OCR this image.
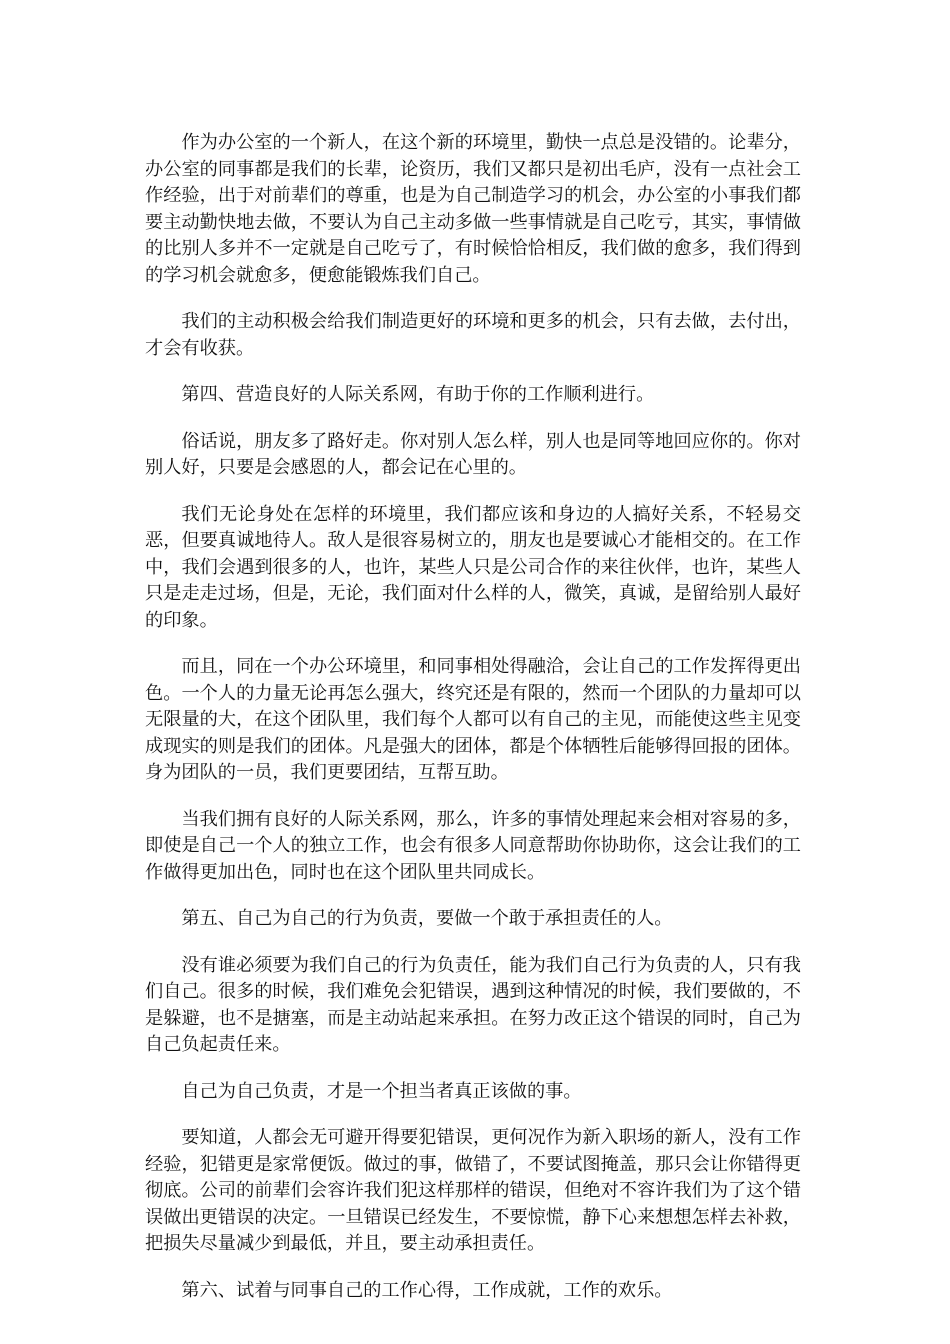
作为办公室的一个新人，在这个新的环境里，勤快一点总是没错的。论辈分，办公室的同事都是我们的长辈，论资历，我们又都只是初出毛庐，没有一点社会工作经验，出于对前辈们的尊重，也是为自己制造学习的机会，办公室的小事我们都要主动勤快地去做，不要认为自己主动多做一些事情就是自己吃亏，其实，事情做的比别人多并不一定就是自己吃亏了，有时候恰恰相反，我们做的愈多，我们得到的学习机会就愈多，便愈能锻炼我们自己。

我们的主动积极会给我们制造更好的环境和更多的机会，只有去做，去付出，才会有收获。

第四、营造良好的人际关系网，有助于你的工作顺利进行。

俗话说，朋友多了路好走。你对别人怎么样，别人也是同等地回应你的。你对别人好，只要是会感恩的人，都会记在心里的。

我们无论身处在怎样的环境里，我们都应该和身边的人搞好关系，不轻易交恶，但要真诚地待人。敌人是很容易树立的，朋友也是要诚心才能相交的。在工作中，我们会遇到很多的人，也许，某些人只是公司合作的来往伙伴，也许，某些人只是走走过场，但是，无论，我们面对什么样的人，微笑，真诚，是留给别人最好的印象。

而且，同在一个办公环境里，和同事相处得融洽，会让自己的工作发挥得更出色。一个人的力量无论再怎么强大，终究还是有限的，然而一个团队的力量却可以无限量的大，在这个团队里，我们每个人都可以有自己的主见，而能使这些主见变成现实的则是我们的团体。凡是强大的团体，都是个体牺牲后能够得回报的团体。身为团队的一员，我们更要团结，互帮互助。

当我们拥有良好的人际关系网，那么，许多的事情处理起来会相对容易的多，即使是自己一个人的独立工作，也会有很多人同意帮助你协助你，这会让我们的工作做得更加出色，同时也在这个团队里共同成长。

第五、自己为自己的行为负责，要做一个敢于承担责任的人。

没有谁必须要为我们自己的行为负责任，能为我们自己行为负责的人，只有我们自己。很多的时候，我们难免会犯错误，遇到这种情况的时候，我们要做的，不是躲避，也不是搪塞，而是主动站起来承担。在努力改正这个错误的同时，自己为自己负起责任来。

自己为自己负责，才是一个担当者真正该做的事。

要知道，人都会无可避开得要犯错误，更何况作为新入职场的新人，没有工作经验，犯错更是家常便饭。做过的事，做错了，不要试图掩盖，那只会让你错得更彻底。公司的前辈们会容许我们犯这样那样的错误，但绝对不容许我们为了这个错误做出更错误的决定。一旦错误已经发生，不要惊慌，静下心来想想怎样去补救，把损失尽量减少到最低，并且，要主动承担责任。

第六、试着与同事自己的工作心得，工作成就，工作的欢乐。
